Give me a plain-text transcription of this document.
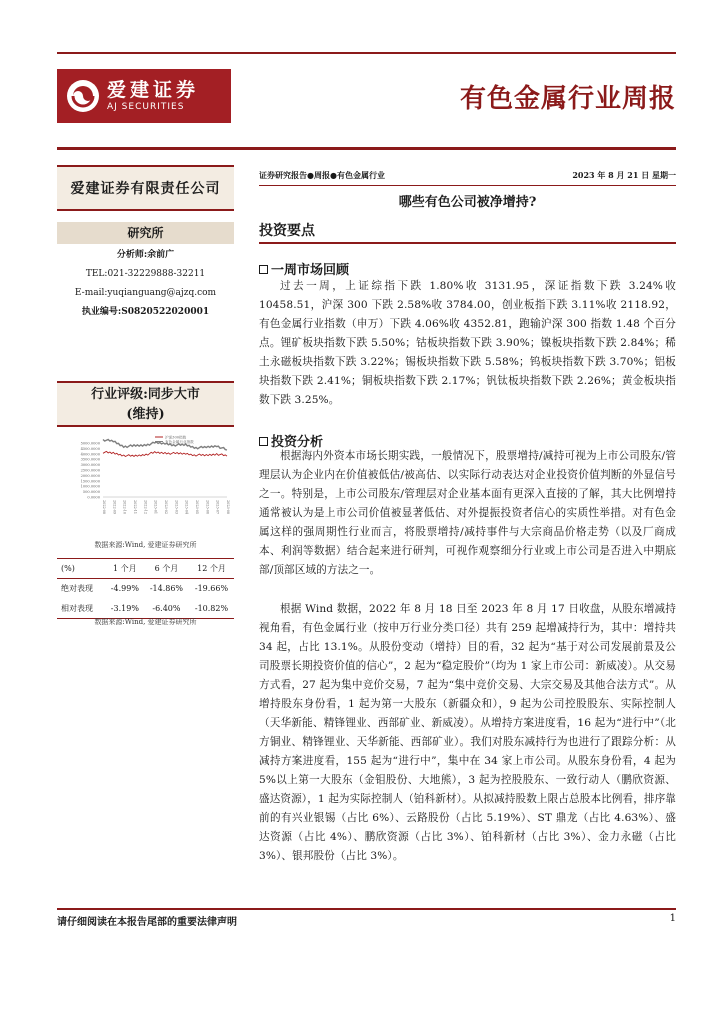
爱建证券
AJ SECURITIES	有色金属行业周报
爱建证券有限责任公司
研究所
分析师:余前广
TEL:021-32229888-32211
E-mail:yuqianguang@ajzq.com
执业编号:S0820522020001
行业评级:同步大市
(维持)
5000.0000
4500.0000
4000.0000
3500.0000
3000.0000
2500.0000
2000.0000
1500.0000
1000.0000
500.0000
0.0000
2022-08 2022-09 2022-10 2022-11 2022-12 2023-01 2023-02 2023-03 2023-04 2023-05 2023-06 2023-07 2023-08
沪深300指数
有色金属行业指数
数据来源:Wind, 爱建证券研究所
(%)	1 个月	6 个月	12 个月
绝对表现	-4.99%	-14.86%	-19.66%
相对表现	-3.19%	-6.40%	-10.82%
数据来源:Wind, 爱建证券研究所
证券研究报告●周报●有色金属行业	2023 年 8 月 21 日 星期一
哪些有色公司被净增持?
投资要点
一周市场回顾
过去一周，上证综指下跌 1.80%收 3131.95，深证指数下跌 3.24%收 10458.51，沪深 300 下跌 2.58%收 3784.00，创业板指下跌 3.11%收 2118.92，有色金属行业指数（申万）下跌 4.06%收 4352.81，跑输沪深 300 指数 1.48 个百分点。锂矿板块指数下跌 5.50%；钴板块指数下跌 3.90%；镍板块指数下跌 2.84%；稀土永磁板块指数下跌 3.22%；锡板块指数下跌 5.58%；钨板块指数下跌 3.70%；铝板块指数下跌 2.41%；铜板块指数下跌 2.17%；钒钛板块指数下跌 2.26%；黄金板块指数下跌 3.25%。
投资分析
根据海内外资本市场长期实践，一般情况下，股票增持/减持可视为上市公司股东/管理层认为企业内在价值被低估/被高估、以实际行动表达对企业投资价值判断的外显信号之一。特别是，上市公司股东/管理层对企业基本面有更深入直接的了解，其大比例增持通常被认为是上市公司价值被显著低估、对外提振投资者信心的实质性举措。对有色金属这样的强周期性行业而言，将股票增持/减持事件与大宗商品价格走势（以及厂商成本、利润等数据）结合起来进行研判，可视作观察细分行业或上市公司是否进入中期底部/顶部区域的方法之一。
根据 Wind 数据，2022 年 8 月 18 日至 2023 年 8 月 17 日收盘，从股东增减持视角看，有色金属行业（按申万行业分类口径）共有 259 起增减持行为，其中：增持共 34 起，占比 13.1%。从股份变动（增持）目的看，32 起为“基于对公司发展前景及公司股票长期投资价值的信心”，2 起为“稳定股价”（均为 1 家上市公司：新威凌）。从交易方式看，27 起为集中竞价交易，7 起为“集中竞价交易、大宗交易及其他合法方式”。从增持股东身份看，1 起为第一大股东（新疆众和），9 起为公司控股股东、实际控制人（天华新能、精锋锂业、西部矿业、新威凌）。从增持方案进度看，16 起为“进行中”（北方铜业、精锋锂业、天华新能、西部矿业）。我们对股东减持行为也进行了跟踪分析：从减持方案进度看，155 起为“进行中”，集中在 34 家上市公司。从股东身份看，4 起为 5%以上第一大股东（金钼股份、大地熊），3 起为控股股东、一致行动人（鹏欣资源、盛达资源），1 起为实际控制人（铂科新材）。从拟减持股数上限占总股本比例看，排序靠前的有兴业银锡（占比 6%）、云路股份（占比 5.19%）、ST 鼎龙（占比 4.63%）、盛达资源（占比 4%）、鹏欣资源（占比 3%）、铂科新材（占比 3%）、金力永磁（占比 3%）、银邦股份（占比 3%）。
请仔细阅读在本报告尾部的重要法律声明	1
